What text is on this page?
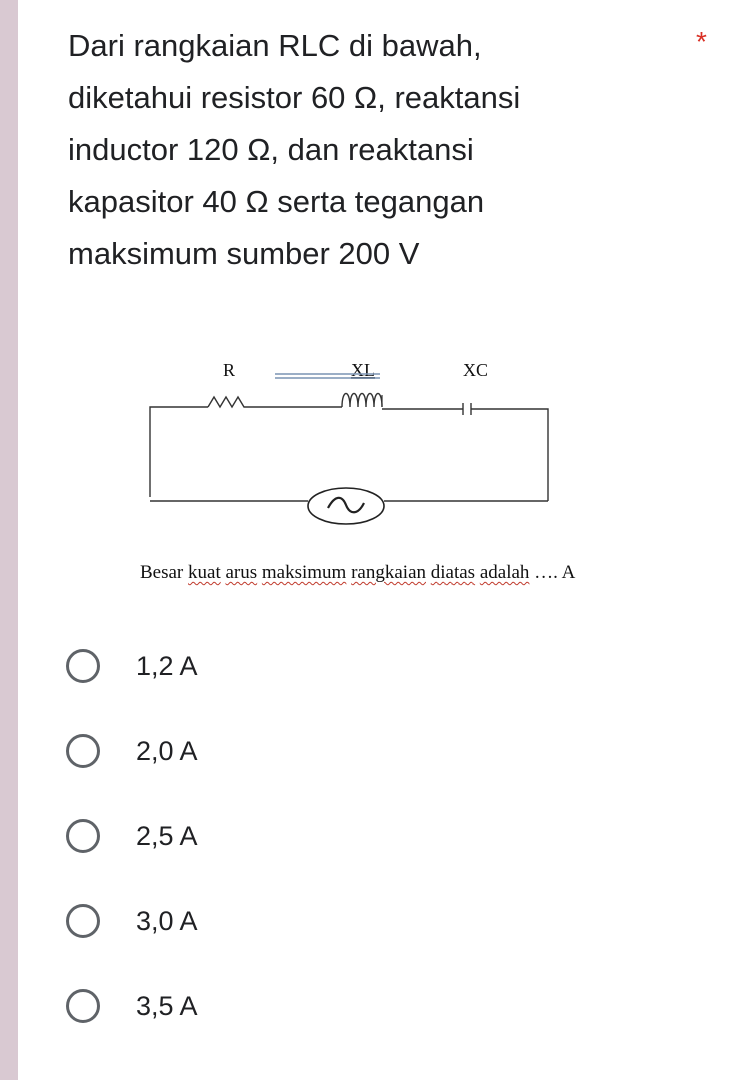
Dari rangkaian RLC di bawah,
diketahui resistor 60 Ω, reaktansi
inductor 120 Ω, dan reaktansi
kapasitor 40 Ω serta tegangan
maksimum sumber 200 V
*
R	XL	XC
Besar kuat arus maksimum rangkaian diatas adalah …. A
1,2 A
2,0 A
2,5 A
3,0 A
3,5 A
